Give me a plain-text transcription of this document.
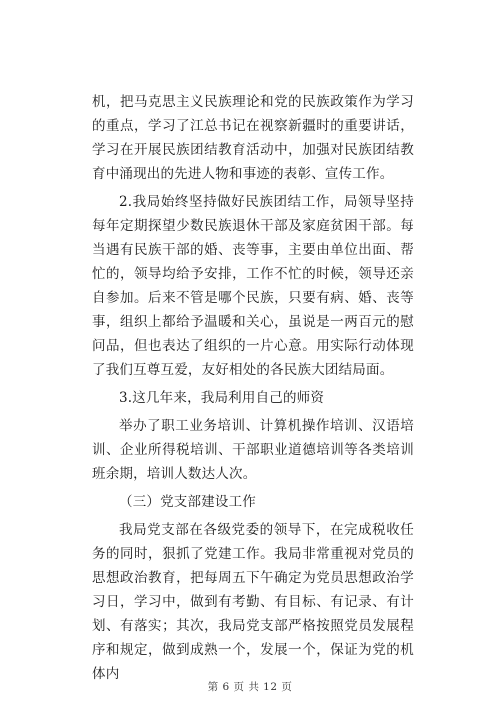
机，把马克思主义民族理论和党的民族政策作为学习的重点，学习了江总书记在视察新疆时的重要讲话，学习在开展民族团结教育活动中，加强对民族团结教育中涌现出的先进人物和事迹的表彰、宣传工作。

2.我局始终坚持做好民族团结工作，局领导坚持每年定期探望少数民族退休干部及家庭贫困干部。每当遇有民族干部的婚、丧等事，主要由单位出面、帮忙的，领导均给予安排，工作不忙的时候，领导还亲自参加。后来不管是哪个民族，只要有病、婚、丧等事，组织上都给予温暖和关心，虽说是一两百元的慰问品，但也表达了组织的一片心意。用实际行动体现了我们互尊互爱，友好相处的各民族大团结局面。

3.这几年来，我局利用自己的师资

举办了职工业务培训、计算机操作培训、汉语培训、企业所得税培训、干部职业道德培训等各类培训班余期，培训人数达人次。

（三）党支部建设工作

我局党支部在各级党委的领导下，在完成税收任务的同时，狠抓了党建工作。我局非常重视对党员的思想政治教育，把每周五下午确定为党员思想政治学习日，学习中，做到有考勤、有目标、有记录、有计划、有落实；其次，我局党支部严格按照党员发展程序和规定，做到成熟一个，发展一个，保证为党的机体内

第 6 页 共 12 页
